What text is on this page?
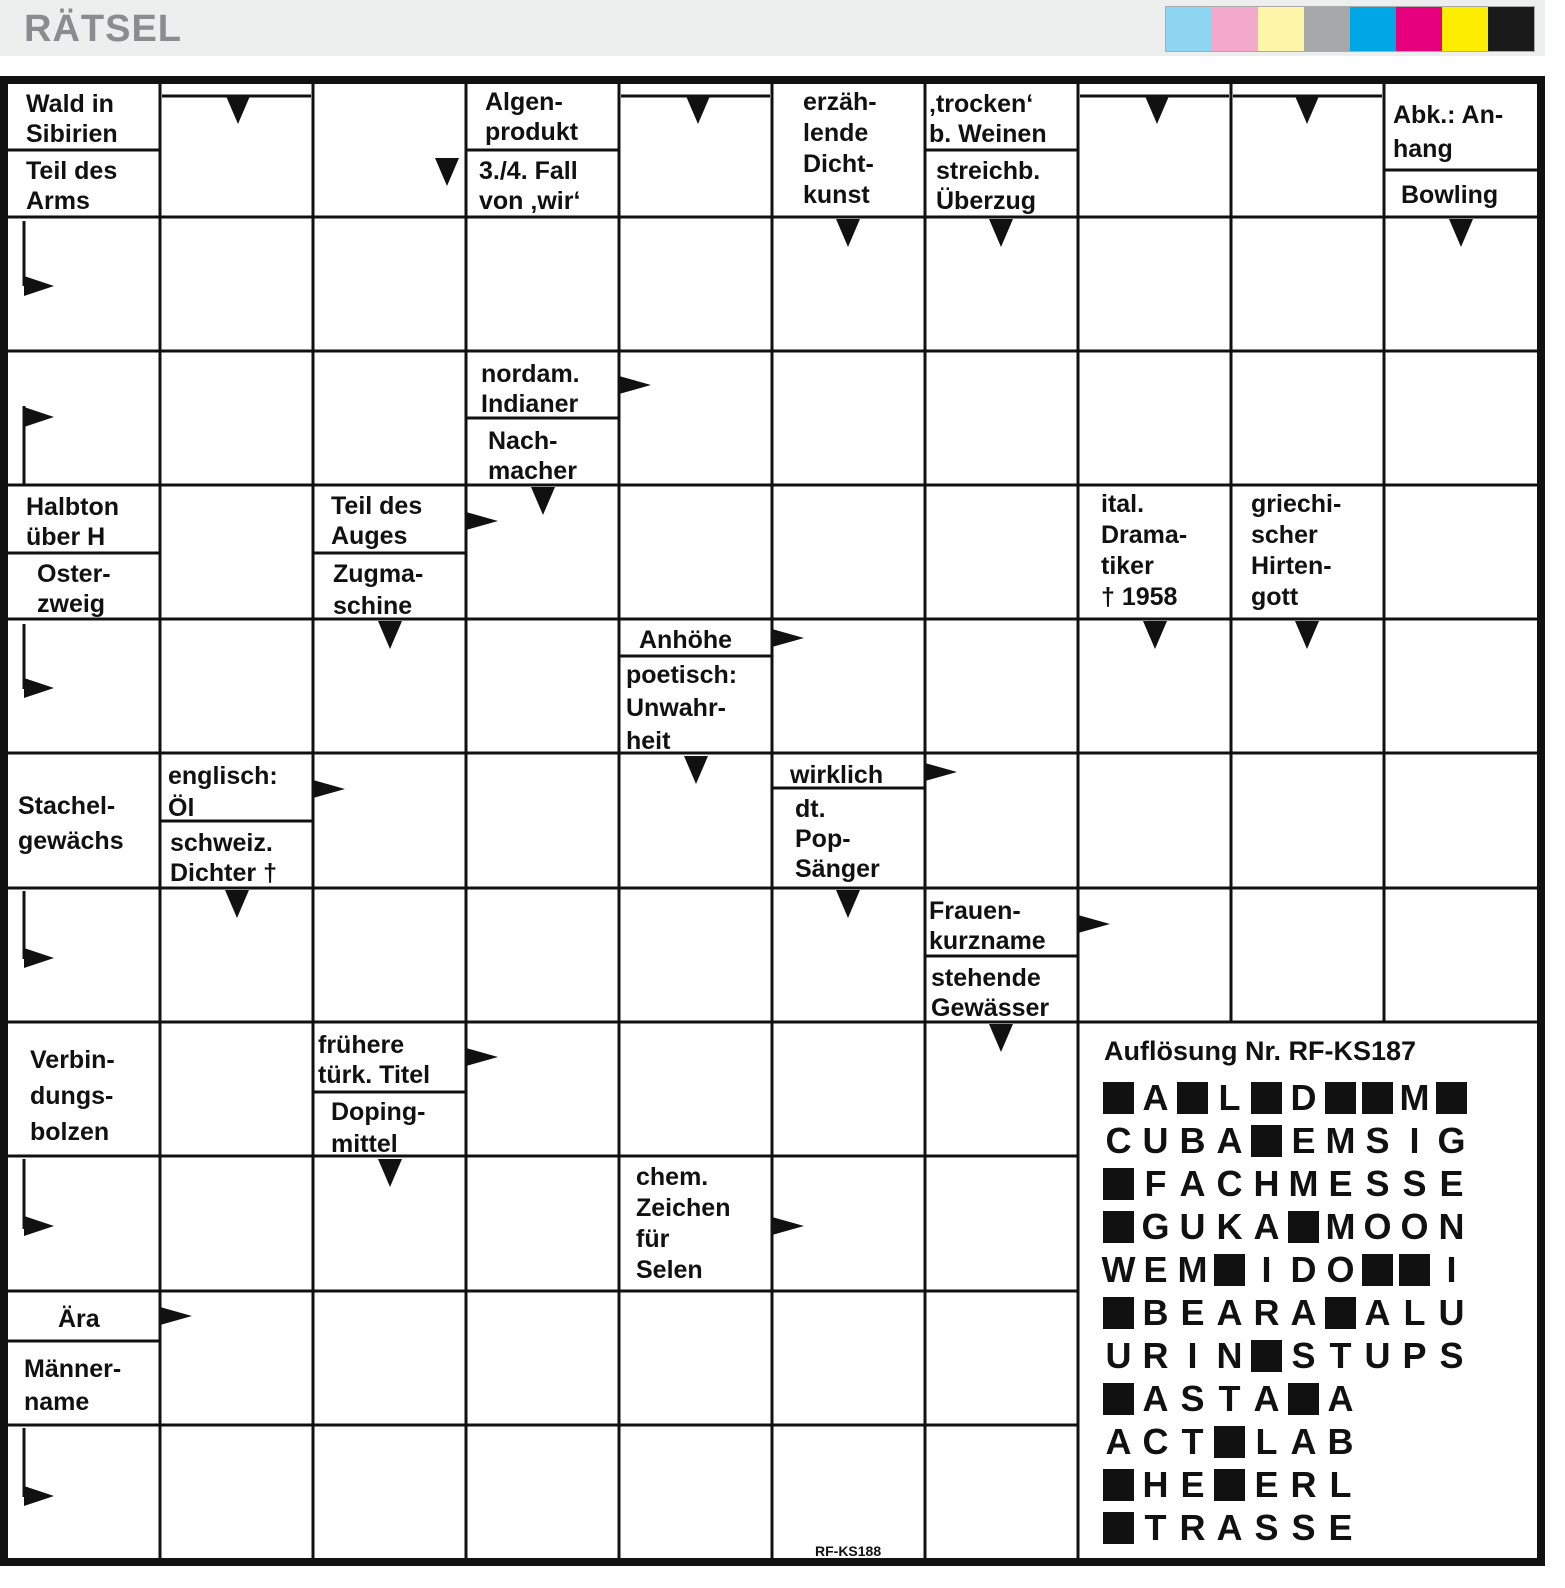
RÄTSEL
Wald in
Sibirien
Teil des
Arms
Algen-
produkt
3./4. Fall
von ‚wir‘
erzäh-
lende
Dicht-
kunst
‚trocken‘
b. Weinen
streichb.
Überzug
Abk.: An-
hang
Bowling
nordam.
Indianer
Nach-
macher
Halbton
über H
Oster-
zweig
Teil des
Auges
Zugma-
schine
ital.
Drama-
tiker
† 1958
griechi-
scher
Hirten-
gott
Anhöhe
poetisch:
Unwahr-
heit
Stachel-
gewächs
englisch:
Öl
schweiz.
Dichter †
wirklich
dt.
Pop-
Sänger
Frauen-
kurzname
stehende
Gewässer
Verbin-
dungs-
bolzen
frühere
türk. Titel
Doping-
mittel
chem.
Zeichen
für
Selen
Ära
Männer-
name
Auflösung Nr. RF-KS187
A L D M
C U B A E M S I G
F A C H M E S S E
G U K A M O O N
W E M	I D O	I
B E A R A A L U
U R I N S T U P S
A S T A A
A C T L A B
H E E R L
T R A S S E
RF-KS188
